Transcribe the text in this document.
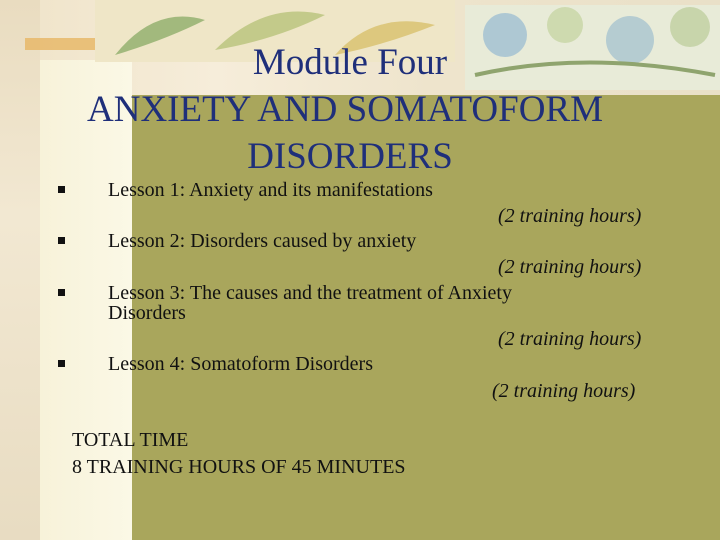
Module Four
ANXIETY AND SOMATOFORM
DISORDERS
Lesson 1: Anxiety and its manifestations
(2 training hours)
Lesson 2: Disorders caused by anxiety
(2 training hours)
Lesson 3: The causes and the treatment of Anxiety
Disorders
(2 training hours)
Lesson 4: Somatoform Disorders
(2 training hours)
TOTAL TIME
8 TRAINING HOURS OF 45 MINUTES
